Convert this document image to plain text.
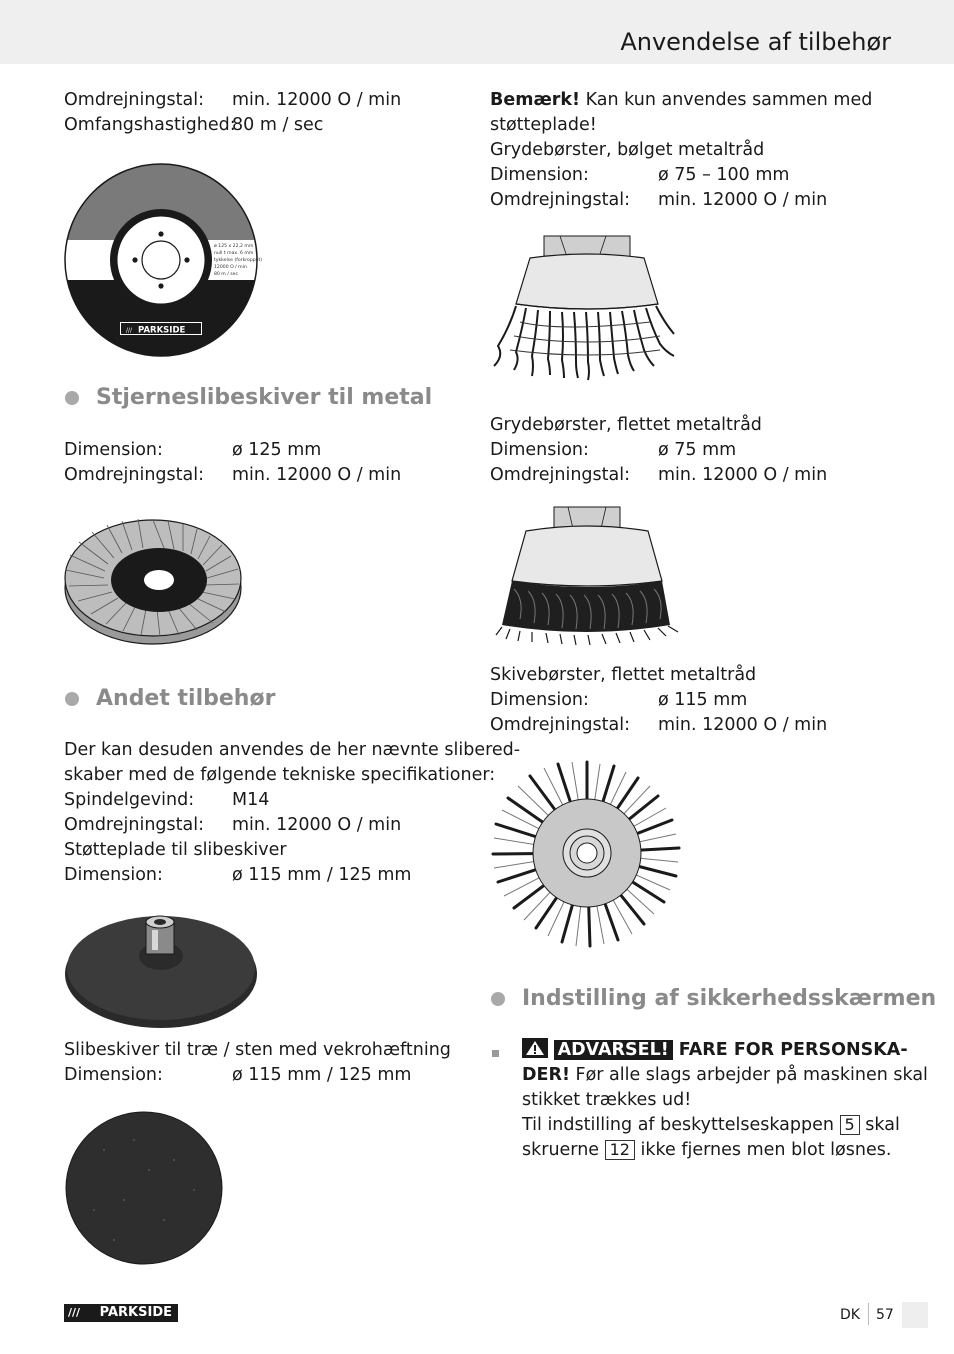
Anvendelse af tilbehør
Omdrejningstal: min. 12000 O / min
Omfangshastighed:
80 m / sec
/// PARKSIDE
ø 125 x 22,2 mm
null t max. 6 mm
tykkelse (forkroppet)
12000 O / min
80 m / sec
Stjerneslibeskiver til metal
Dimension:	ø 125 mm
Omdrejningstal: min. 12000 O / min
Andet tilbehør
Der kan desuden anvendes de her nævnte slibered-
skaber med de følgende tekniske specifikationer:
Spindelgevind: M14
Omdrejningstal: min. 12000 O / min
Støtteplade til slibeskiver
Dimension:	ø 115 mm / 125 mm
Slibeskiver til træ / sten med vekrohæftning
Dimension:	ø 115 mm / 125 mm
Bemærk! Kan kun anvendes sammen med
støtteplade!
Grydebørster, bølget metaltråd
Dimension:	ø 75 – 100 mm
Omdrejningstal: min. 12000 O / min
Grydebørster, flettet metaltråd
Dimension:	ø 75 mm
Omdrejningstal: min. 12000 O / min
Skivebørster, flettet metaltråd
Dimension:	ø 115 mm
Omdrejningstal: min. 12000 O / min
Indstilling af sikkerhedsskærmen
ADVARSEL! FARE FOR PERSONSKA-
DER! Før alle slags arbejder på maskinen skal
stikket trækkes ud!
Til indstilling af beskyttelseskappen 5 skal
skruerne 12 ikke fjernes men blot løsnes.
/// PARKSIDE	DK 57
